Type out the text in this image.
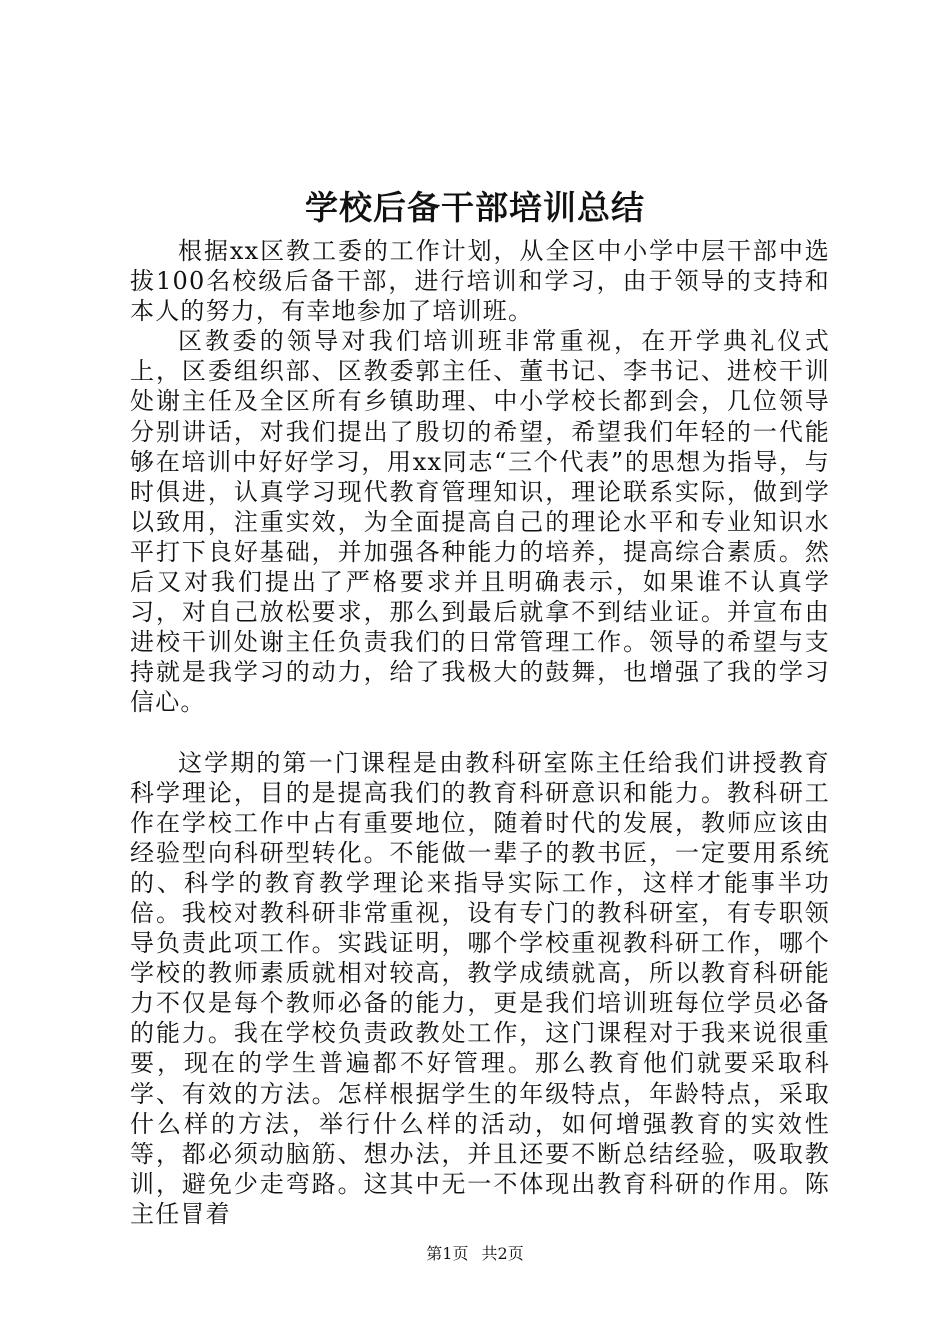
学校后备干部培训总结

根据xx区教工委的工作计划，从全区中小学中层干部中选拔100名校级后备干部，进行培训和学习，由于领导的支持和本人的努力，有幸地参加了培训班。

区教委的领导对我们培训班非常重视，在开学典礼仪式上，区委组织部、区教委郭主任、董书记、李书记、进校干训处谢主任及全区所有乡镇助理、中小学校长都到会，几位领导分别讲话，对我们提出了殷切的希望，希望我们年轻的一代能够在培训中好好学习，用xx同志“三个代表”的思想为指导，与时俱进，认真学习现代教育管理知识，理论联系实际，做到学以致用，注重实效，为全面提高自己的理论水平和专业知识水平打下良好基础，并加强各种能力的培养，提高综合素质。然后又对我们提出了严格要求并且明确表示，如果谁不认真学习，对自己放松要求，那么到最后就拿不到结业证。并宣布由进校干训处谢主任负责我们的日常管理工作。领导的希望与支持就是我学习的动力，给了我极大的鼓舞，也增强了我的学习信心。

这学期的第一门课程是由教科研室陈主任给我们讲授教育科学理论，目的是提高我们的教育科研意识和能力。教科研工作在学校工作中占有重要地位，随着时代的发展，教师应该由经验型向科研型转化。不能做一辈子的教书匠，一定要用系统的、科学的教育教学理论来指导实际工作，这样才能事半功倍。我校对教科研非常重视，设有专门的教科研室，有专职领导负责此项工作。实践证明，哪个学校重视教科研工作，哪个学校的教师素质就相对较高，教学成绩就高，所以教育科研能力不仅是每个教师必备的能力，更是我们培训班每位学员必备的能力。我在学校负责政教处工作，这门课程对于我来说很重要，现在的学生普遍都不好管理。那么教育他们就要采取科学、有效的方法。怎样根据学生的年级特点，年龄特点，采取什么样的方法，举行什么样的活动，如何增强教育的实效性等，都必须动脑筋、想办法，并且还要不断总结经验，吸取教训，避免少走弯路。这其中无一不体现出教育科研的作用。陈主任冒着

第1页 共2页
